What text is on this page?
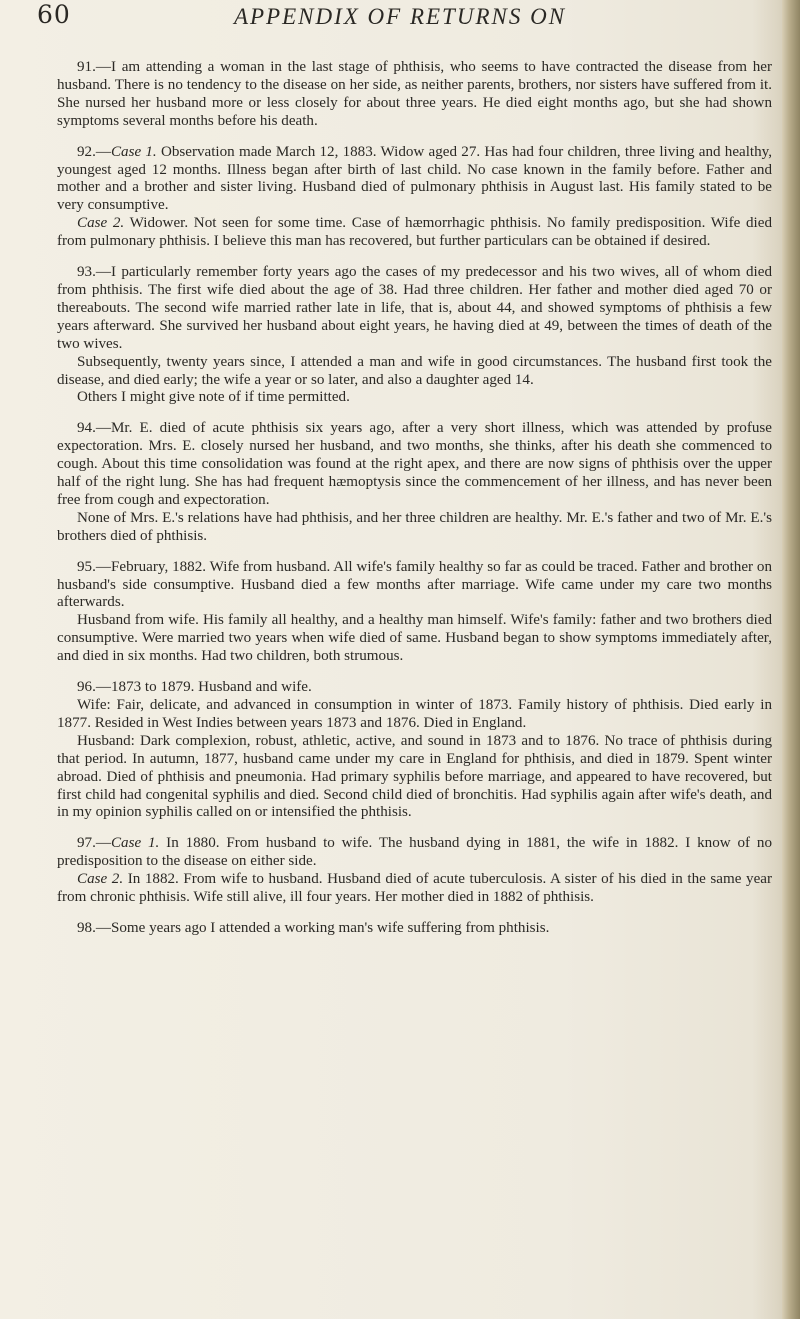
60	APPENDIX OF RETURNS ON

91.—I am attending a woman in the last stage of phthisis, who seems to have contracted the disease from her husband. There is no tendency to the disease on her side, as neither parents, brothers, nor sisters have suffered from it. She nursed her husband more or less closely for about three years. He died eight months ago, but she had shown symptoms several months before his death.

92.—Case 1. Observation made March 12, 1883. Widow aged 27. Has had four children, three living and healthy, youngest aged 12 months. Illness began after birth of last child. No case known in the family before. Father and mother and a brother and sister living. Husband died of pulmonary phthisis in August last. His family stated to be very consumptive.

Case 2. Widower. Not seen for some time. Case of hæmorrhagic phthisis. No family predisposition. Wife died from pulmonary phthisis. I believe this man has recovered, but further particulars can be obtained if desired.

93.—I particularly remember forty years ago the cases of my predecessor and his two wives, all of whom died from phthisis. The first wife died about the age of 38. Had three children. Her father and mother died aged 70 or thereabouts. The second wife married rather late in life, that is, about 44, and showed symptoms of phthisis a few years afterward. She survived her husband about eight years, he having died at 49, between the times of death of the two wives.

Subsequently, twenty years since, I attended a man and wife in good circumstances. The husband first took the disease, and died early; the wife a year or so later, and also a daughter aged 14.

Others I might give note of if time permitted.

94.—Mr. E. died of acute phthisis six years ago, after a very short illness, which was attended by profuse expectoration. Mrs. E. closely nursed her husband, and two months, she thinks, after his death she commenced to cough. About this time consolidation was found at the right apex, and there are now signs of phthisis over the upper half of the right lung. She has had frequent hæmoptysis since the commencement of her illness, and has never been free from cough and expectoration.

None of Mrs. E.'s relations have had phthisis, and her three children are healthy. Mr. E.'s father and two of Mr. E.'s brothers died of phthisis.

95.—February, 1882. Wife from husband. All wife's family healthy so far as could be traced. Father and brother on husband's side consumptive. Husband died a few months after marriage. Wife came under my care two months afterwards.

Husband from wife. His family all healthy, and a healthy man himself. Wife's family: father and two brothers died consumptive. Were married two years when wife died of same. Husband began to show symptoms immediately after, and died in six months. Had two children, both strumous.

96.—1873 to 1879. Husband and wife.

Wife: Fair, delicate, and advanced in consumption in winter of 1873. Family history of phthisis. Died early in 1877. Resided in West Indies between years 1873 and 1876. Died in England.

Husband: Dark complexion, robust, athletic, active, and sound in 1873 and to 1876. No trace of phthisis during that period. In autumn, 1877, husband came under my care in England for phthisis, and died in 1879. Spent winter abroad. Died of phthisis and pneumonia. Had primary syphilis before marriage, and appeared to have recovered, but first child had congenital syphilis and died. Second child died of bronchitis. Had syphilis again after wife's death, and in my opinion syphilis called on or intensified the phthisis.

97.—Case 1. In 1880. From husband to wife. The husband dying in 1881, the wife in 1882. I know of no predisposition to the disease on either side.

Case 2. In 1882. From wife to husband. Husband died of acute tuberculosis. A sister of his died in the same year from chronic phthisis. Wife still alive, ill four years. Her mother died in 1882 of phthisis.

98.—Some years ago I attended a working man's wife suffering from phthisis.
